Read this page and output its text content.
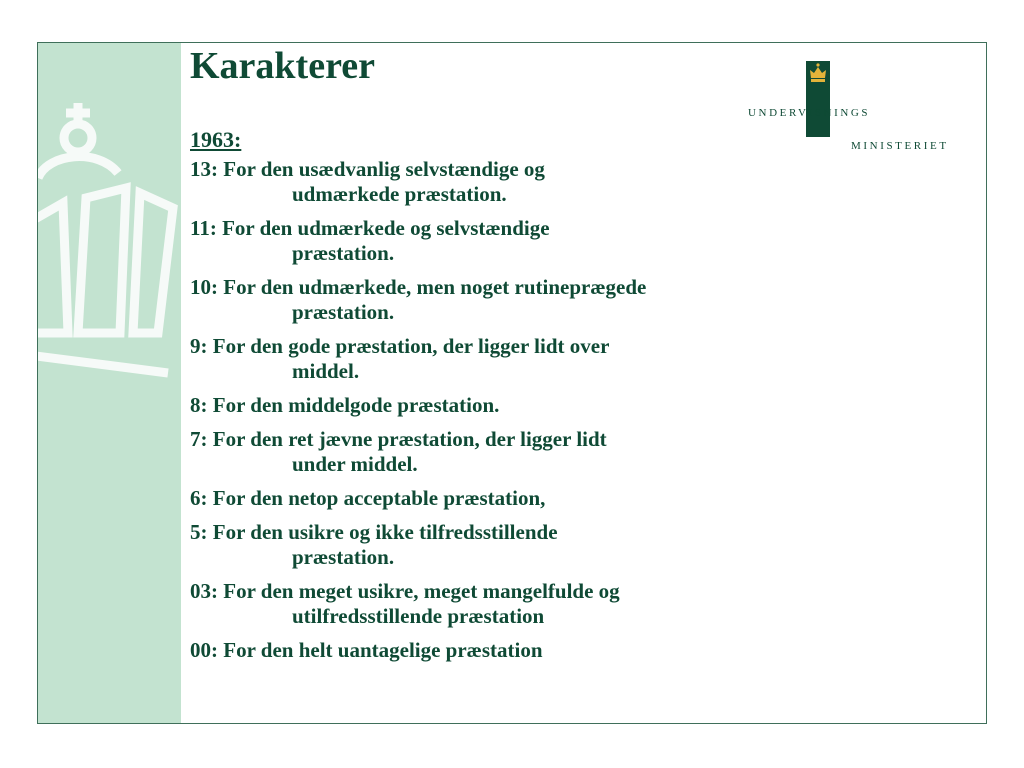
Karakterer
1963:
13: For den usædvanlig selvstændige og
udmærkede præstation.
11: For den udmærkede og selvstændige
præstation.
10: For den udmærkede, men noget rutineprægede
præstation.
9: For den gode præstation, der ligger lidt over
middel.
8: For den middelgode præstation.
7: For den ret jævne præstation, der ligger lidt
under middel.
6: For den netop acceptable præstation,
5: For den usikre og ikke tilfredsstillende
præstation.
03: For den meget usikre, meget mangelfulde og
utilfredsstillende præstation
00: For den helt uantagelige præstation
UNDERVISNINGS
MINISTERIET
